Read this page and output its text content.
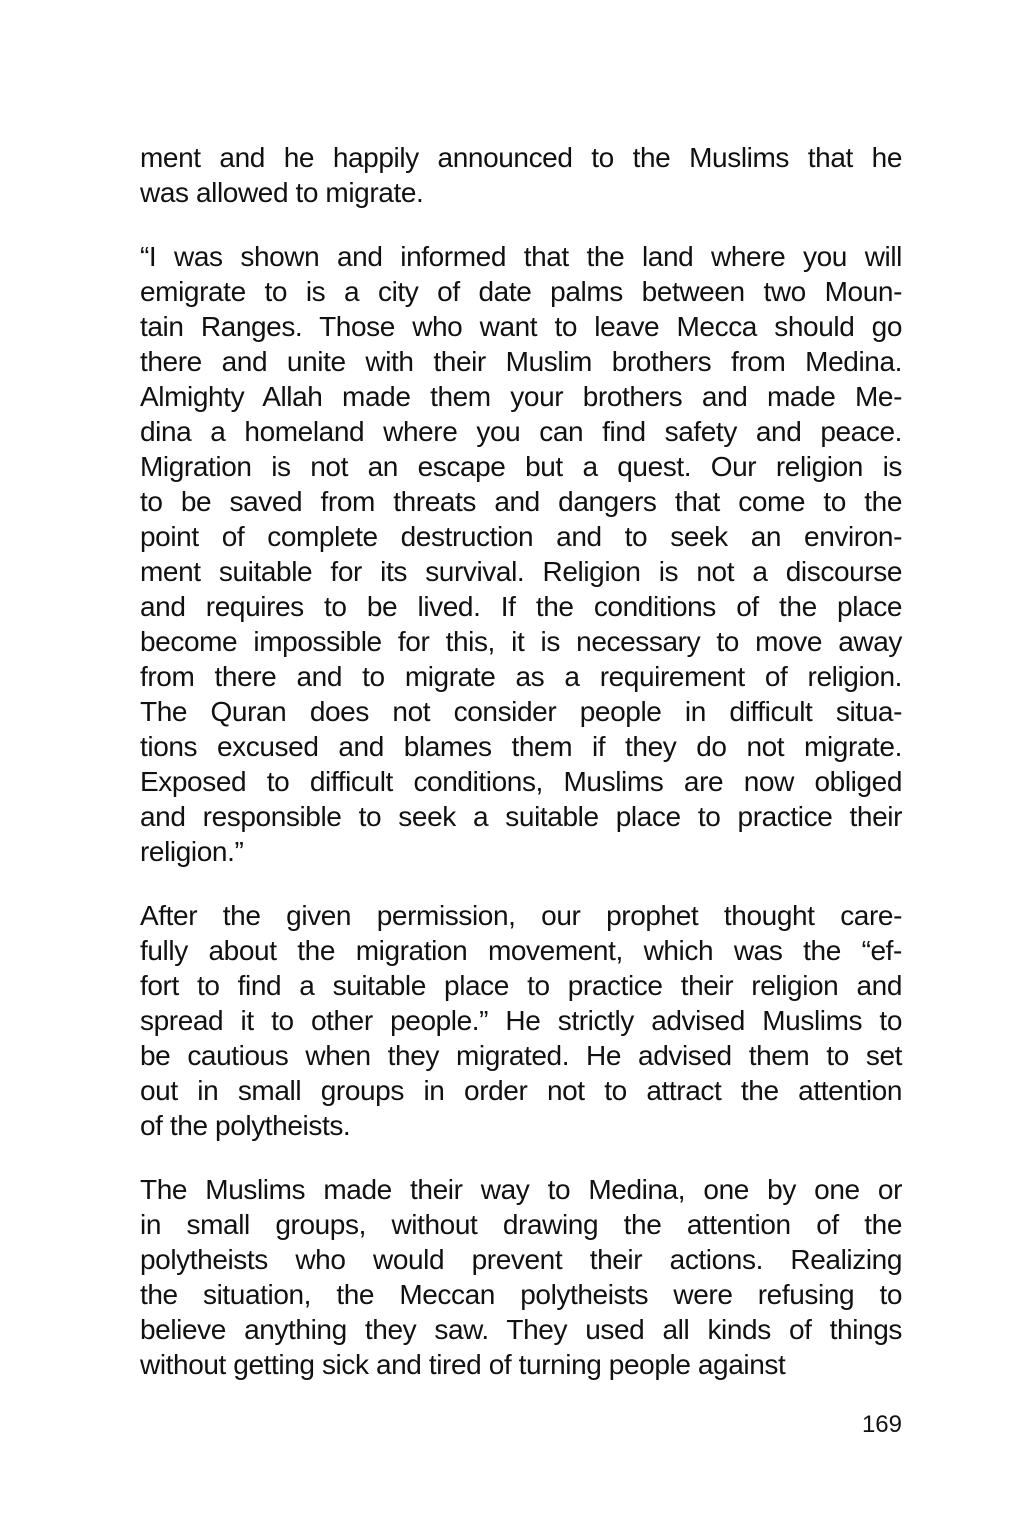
ment and he happily announced to the Muslims that he
was allowed to migrate.
“I was shown and informed that the land where you will
emigrate to is a city of date palms between two Moun-
tain Ranges. Those who want to leave Mecca should go
there and unite with their Muslim brothers from Medina.
Almighty Allah made them your brothers and made Me-
dina a homeland where you can find safety and peace.
Migration is not an escape but a quest. Our religion is
to be saved from threats and dangers that come to the
point of complete destruction and to seek an environ-
ment suitable for its survival. Religion is not a discourse
and requires to be lived. If the conditions of the place
become impossible for this, it is necessary to move away
from there and to migrate as a requirement of religion.
The Quran does not consider people in difficult situa-
tions excused and blames them if they do not migrate.
Exposed to difficult conditions, Muslims are now obliged
and responsible to seek a suitable place to practice their
religion.”
After the given permission, our prophet thought care-
fully about the migration movement, which was the “ef-
fort to find a suitable place to practice their religion and
spread it to other people.” He strictly advised Muslims to
be cautious when they migrated. He advised them to set
out in small groups in order not to attract the attention
of the polytheists.
The Muslims made their way to Medina, one by one or
in small groups, without drawing the attention of the
polytheists who would prevent their actions. Realizing
the situation, the Meccan polytheists were refusing to
believe anything they saw. They used all kinds of things
without getting sick and tired of turning people against
169
